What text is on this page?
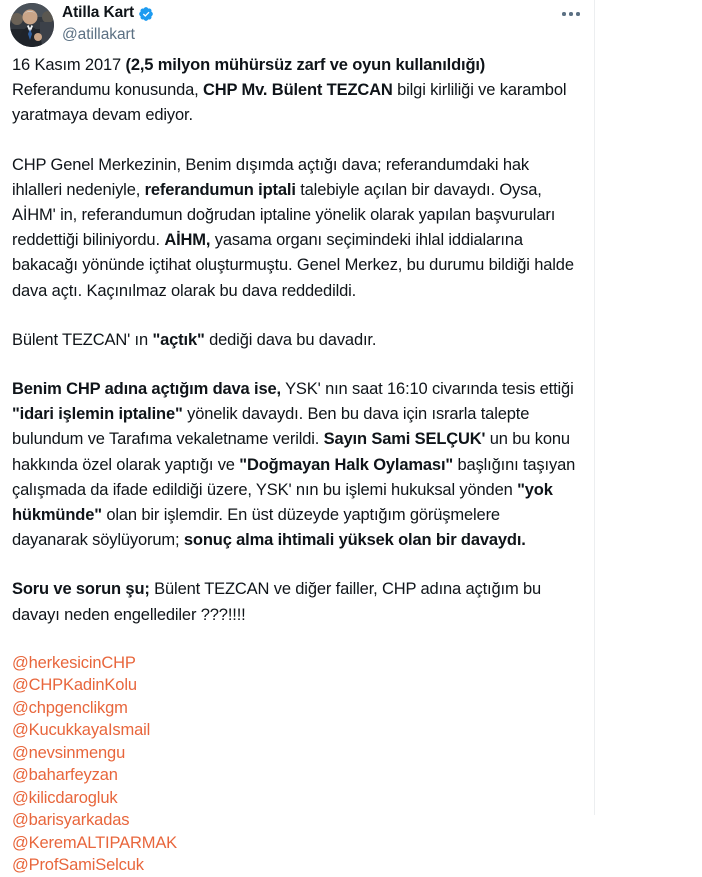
Atilla Kart
@atillakart

16 Kasım 2017 (2,5 milyon mühürsüz zarf ve oyun kullanıldığı) Referandumu konusunda, CHP Mv. Bülent TEZCAN bilgi kirliliği ve karambol yaratmaya devam ediyor.

CHP Genel Merkezinin, Benim dışımda açtığı dava; referandumdaki hak ihlalleri nedeniyle, referandumun iptali talebiyle açılan bir davaydı. Oysa, AİHM' in, referandumun doğrudan iptaline yönelik olarak yapılan başvuruları reddettiği biliniyordu. AİHM, yasama organı seçimindeki ihlal iddialarına bakacağı yönünde içtihat oluşturmuştu. Genel Merkez, bu durumu bildiği halde dava açtı. Kaçınılmaz olarak bu dava reddedildi.

Bülent TEZCAN' ın "açtık" dediği dava bu davadır.

Benim CHP adına açtığım dava ise, YSK' nın saat 16:10 civarında tesis ettiği "idari işlemin iptaline" yönelik davaydı. Ben bu dava için ısrarla talepte bulundum ve Tarafıma vekaletname verildi. Sayın Sami SELÇUK' un bu konu hakkında özel olarak yaptığı ve "Doğmayan Halk Oylaması" başlığını taşıyan çalışmada da ifade edildiği üzere, YSK' nın bu işlemi hukuksal yönden "yok hükmünde" olan bir işlemdir. En üst düzeyde yaptığım görüşmelere dayanarak söylüyorum; sonuç alma ihtimali yüksek olan bir davaydı.

Soru ve sorun şu; Bülent TEZCAN ve diğer failler, CHP adına açtığım bu davayı neden engellediler ???!!!!

@herkesicinCHP
@CHPKadinKolu
@chpgenclikgm
@KucukkayaIsmail
@nevsinmengu
@baharfeyzan
@kilicdarogluk
@barisyarkadas
@KeremALTIPARMAK
@ProfSamiSelcuk
